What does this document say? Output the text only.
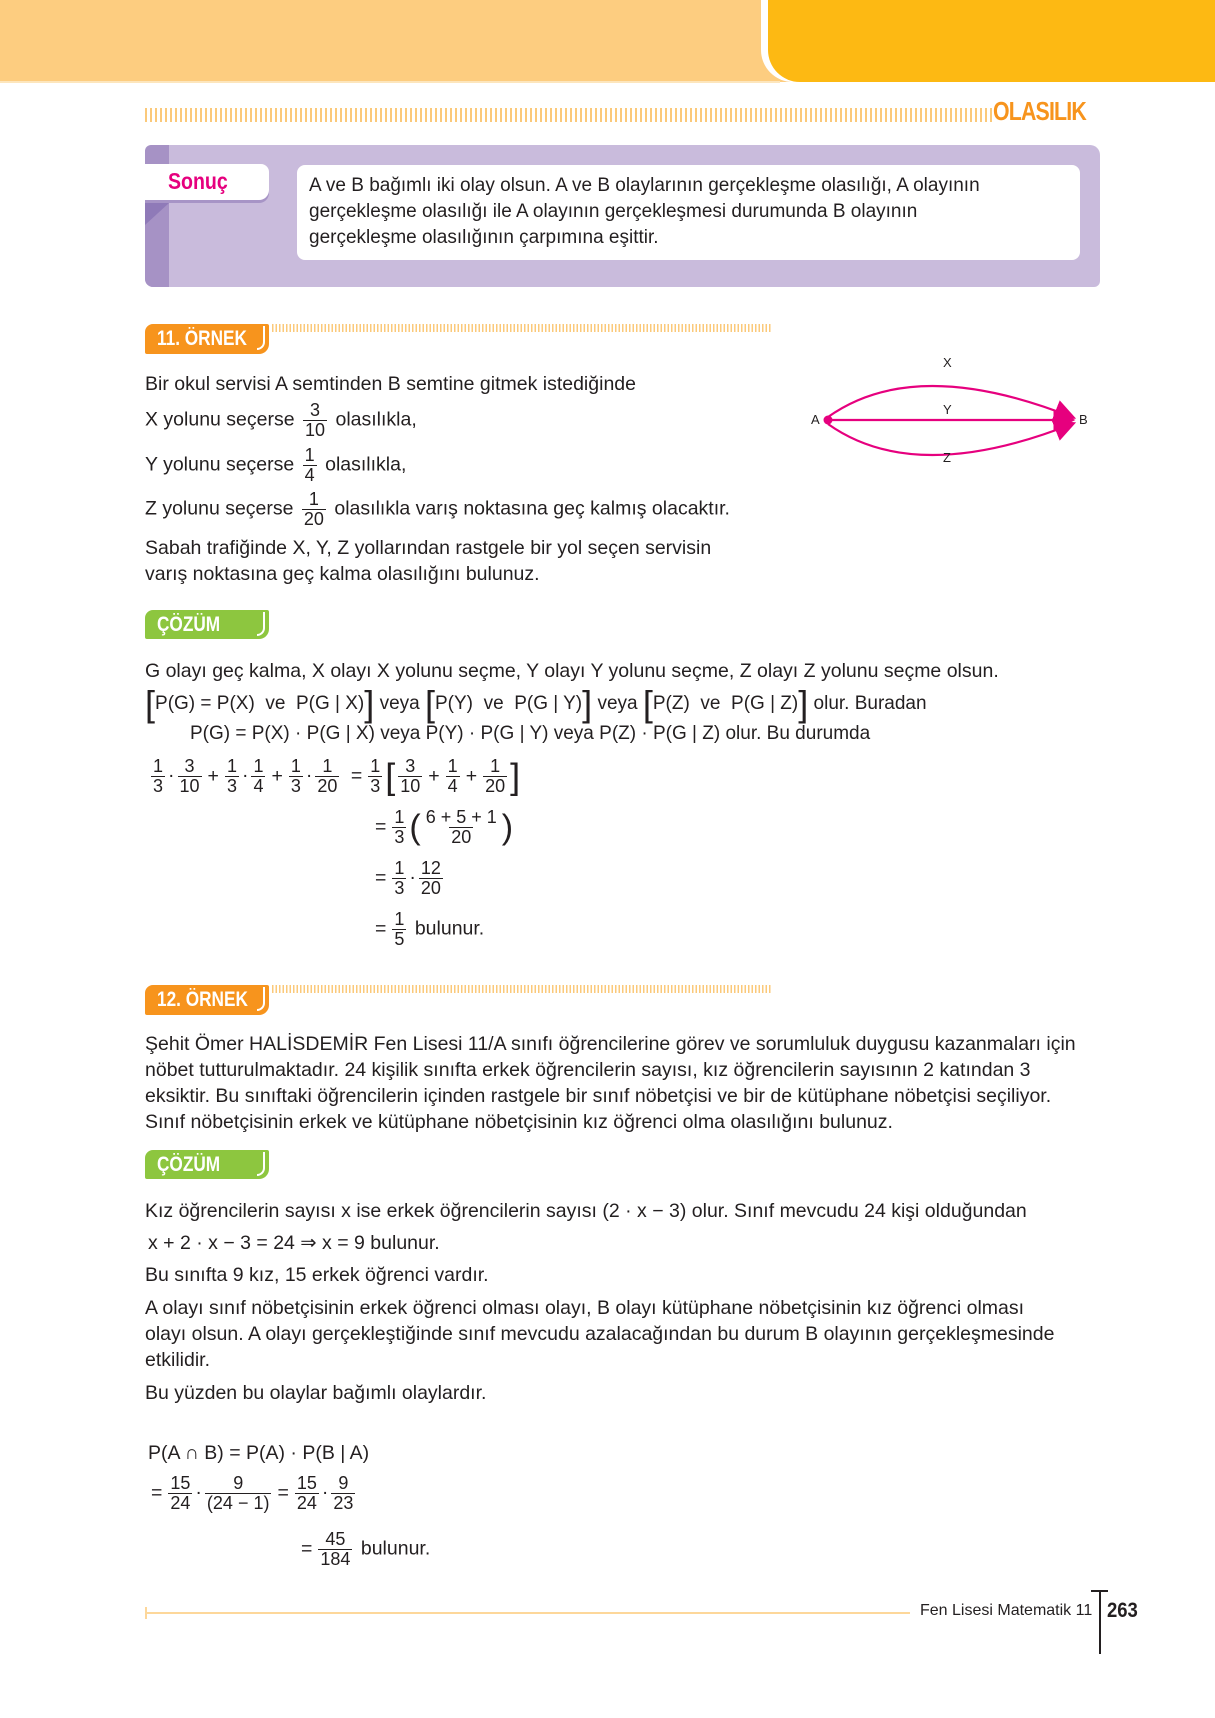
OLASILIK
Sonuç	A ve B bağımlı iki olay olsun. A ve B olaylarının gerçekleşme olasılığı, A olayının
gerçekleşme olasılığı ile A olayının gerçekleşmesi durumunda B olayının
gerçekleşme olasılığının çarpımına eşittir.
11. ÖRNEK
Bir okul servisi A semtinden B semtine gitmek istediğinde
X yolunu seçerse $\frac{3}{10}$ olasılıkla,
Y yolunu seçerse $\frac{1}{4}$ olasılıkla,
Z yolunu seçerse $\frac{1}{20}$ olasılıkla varış noktasına geç kalmış olacaktır.
Sabah trafiğinde X, Y, Z yollarından rastgele bir yol seçen servisin
varış noktasına geç kalma olasılığını bulunuz.
A	B
X
Y
Z
ÇÖZÜM
G olayı geç kalma, X olayı X yolunu seçme, Y olayı Y yolunu seçme, Z olayı Z yolunu seçme olsun.
[P(G) = P(X) ve P(G | X)] veya [P(Y) ve P(G | Y)] veya [P(Z) ve P(G | Z)] olur. Buradan
P(G) = P(X) · P(G | X) veya P(Y) · P(G | Y) veya P(Z) · P(G | Z) olur. Bu durumda
$\frac{1}{3} \cdot \frac{3}{10} + \frac{1}{3} \cdot \frac{1}{4} + \frac{1}{3} \cdot \frac{1}{20} = \frac{1}{3}$ [ $\frac{3}{10} + \frac{1}{4} + \frac{1}{20}$ ]
= $\frac{1}{3}$ ( $\frac{6 + 5 + 1}{20}$ )
= $\frac{1}{3} \cdot \frac{12}{20}$
= $\frac{1}{5}$ bulunur.
12. ÖRNEK
Şehit Ömer HALİSDEMİR Fen Lisesi 11/A sınıfı öğrencilerine görev ve sorumluluk duygusu kazanmaları için
nöbet tutturulmaktadır. 24 kişilik sınıfta erkek öğrencilerin sayısı, kız öğrencilerin sayısının 2 katından 3
eksiktir. Bu sınıftaki öğrencilerin içinden rastgele bir sınıf nöbetçisi ve bir de kütüphane nöbetçisi seçiliyor.
Sınıf nöbetçisinin erkek ve kütüphane nöbetçisinin kız öğrenci olma olasılığını bulunuz.
ÇÖZÜM
Kız öğrencilerin sayısı x ise erkek öğrencilerin sayısı (2 · x − 3) olur. Sınıf mevcudu 24 kişi olduğundan
x + 2 · x − 3 = 24 ⇒ x = 9 bulunur.
Bu sınıfta 9 kız, 15 erkek öğrenci vardır.
A olayı sınıf nöbetçisinin erkek öğrenci olması olayı, B olayı kütüphane nöbetçisinin kız öğrenci olması
olayı olsun. A olayı gerçekleştiğinde sınıf mevcudu azalacağından bu durum B olayının gerçekleşmesinde
etkilidir.
Bu yüzden bu olaylar bağımlı olaylardır.
P(A ∩ B) = P(A) · P(B | A)
= $\frac{15}{24} \cdot \frac{9}{(24 - 1)} = \frac{15}{24} \cdot \frac{9}{23}$
= $\frac{45}{184}$ bulunur.
Fen Lisesi Matematik 11 263
